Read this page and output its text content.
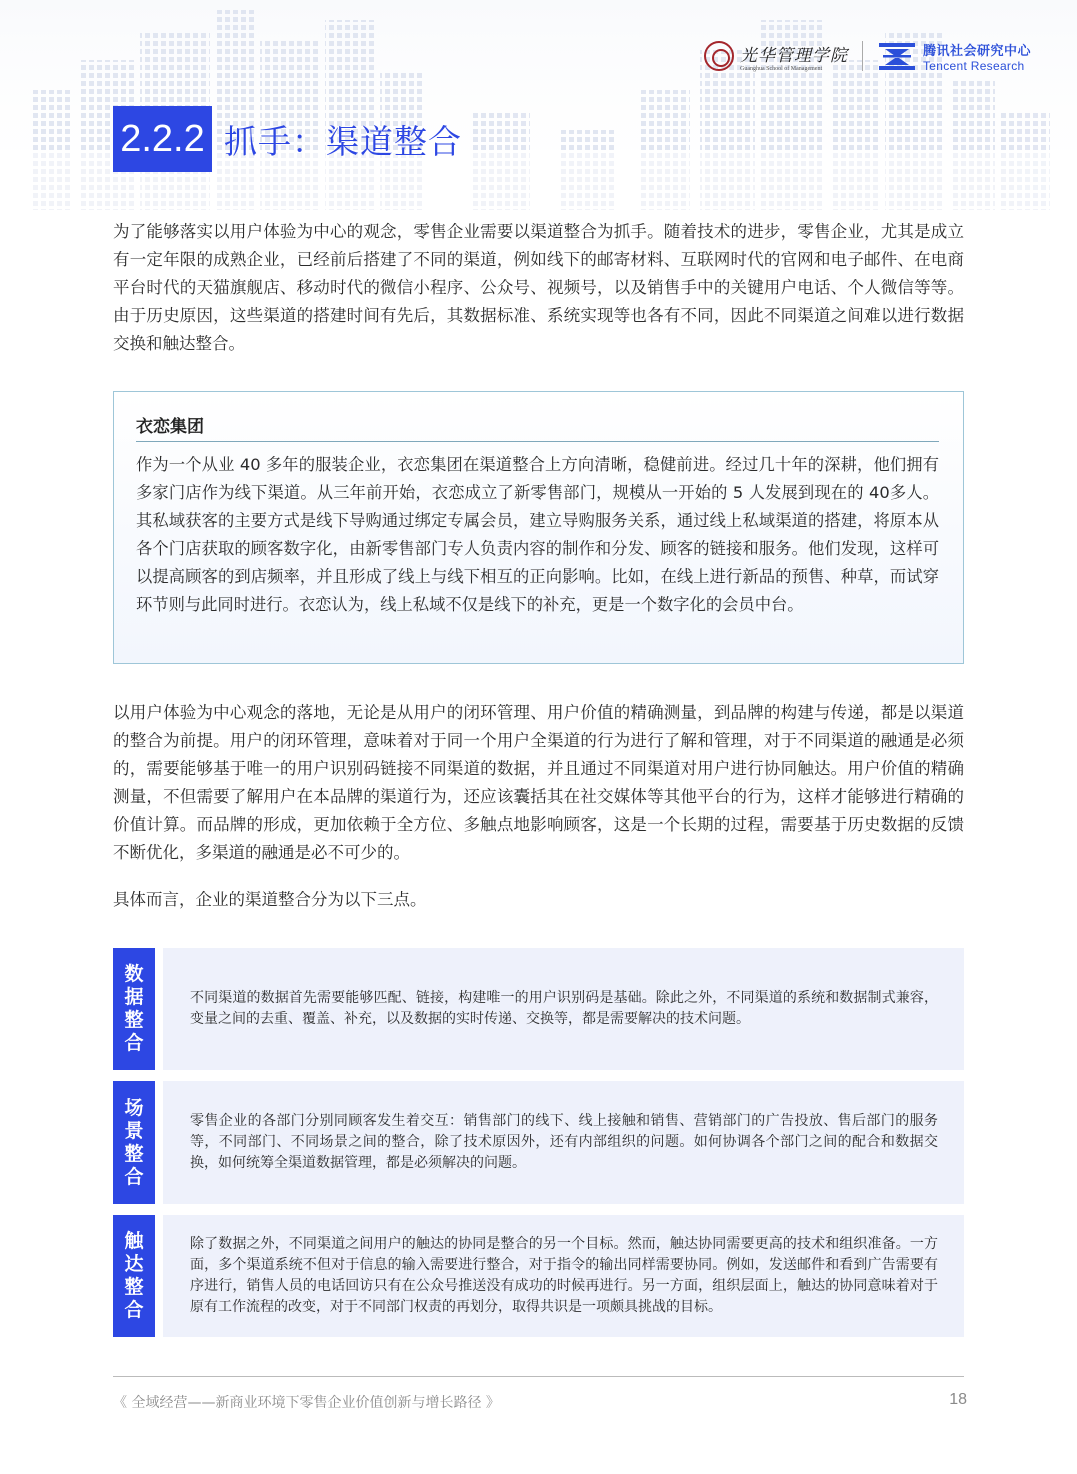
光华管理学院
Guanghua School of Management
腾讯社会研究中心
Tencent Research
2.2.2 抓手：渠道整合

为了能够落实以用户体验为中心的观念，零售企业需要以渠道整合为抓手。随着技术的进步，零售企业，尤其是成立有一定年限的成熟企业，已经前后搭建了不同的渠道，例如线下的邮寄材料、互联网时代的官网和电子邮件、在电商平台时代的天猫旗舰店、移动时代的微信小程序、公众号、视频号，以及销售手中的关键用户电话、个人微信等等。由于历史原因，这些渠道的搭建时间有先后，其数据标准、系统实现等也各有不同，因此不同渠道之间难以进行数据交换和触达整合。

衣恋集团

作为一个从业 40 多年的服装企业，衣恋集团在渠道整合上方向清晰，稳健前进。经过几十年的深耕，他们拥有多家门店作为线下渠道。从三年前开始，衣恋成立了新零售部门，规模从一开始的 5 人发展到现在的 40多人。其私域获客的主要方式是线下导购通过绑定专属会员，建立导购服务关系，通过线上私域渠道的搭建，将原本从各个门店获取的顾客数字化，由新零售部门专人负责内容的制作和分发、顾客的链接和服务。他们发现，这样可以提高顾客的到店频率，并且形成了线上与线下相互的正向影响。比如，在线上进行新品的预售、种草，而试穿环节则与此同时进行。衣恋认为，线上私域不仅是线下的补充，更是一个数字化的会员中台。

以用户体验为中心观念的落地，无论是从用户的闭环管理、用户价值的精确测量，到品牌的构建与传递，都是以渠道的整合为前提。用户的闭环管理，意味着对于同一个用户全渠道的行为进行了解和管理，对于不同渠道的融通是必须的，需要能够基于唯一的用户识别码链接不同渠道的数据，并且通过不同渠道对用户进行协同触达。用户价值的精确测量，不但需要了解用户在本品牌的渠道行为，还应该囊括其在社交媒体等其他平台的行为，这样才能够进行精确的价值计算。而品牌的形成，更加依赖于全方位、多触点地影响顾客，这是一个长期的过程，需要基于历史数据的反馈不断优化，多渠道的融通是必不可少的。

具体而言，企业的渠道整合分为以下三点。

数
据
整
合

不同渠道的数据首先需要能够匹配、链接，构建唯一的用户识别码是基础。除此之外，不同渠道的系统和数据制式兼容，变量之间的去重、覆盖、补充，以及数据的实时传递、交换等，都是需要解决的技术问题。

场
景
整
合

零售企业的各部门分别同顾客发生着交互：销售部门的线下、线上接触和销售、营销部门的广告投放、售后部门的服务等，不同部门、不同场景之间的整合，除了技术原因外，还有内部组织的问题。如何协调各个部门之间的配合和数据交换，如何统筹全渠道数据管理，都是必须解决的问题。

触
达
整
合

除了数据之外，不同渠道之间用户的触达的协同是整合的另一个目标。然而，触达协同需要更高的技术和组织准备。一方面，多个渠道系统不但对于信息的输入需要进行整合，对于指令的输出同样需要协同。例如，发送邮件和看到广告需要有序进行，销售人员的电话回访只有在公众号推送没有成功的时候再进行。另一方面，组织层面上，触达的协同意味着对于原有工作流程的改变，对于不同部门权责的再划分，取得共识是一项颇具挑战的目标。

《 全域经营——新商业环境下零售企业价值创新与增长路径 》	18
